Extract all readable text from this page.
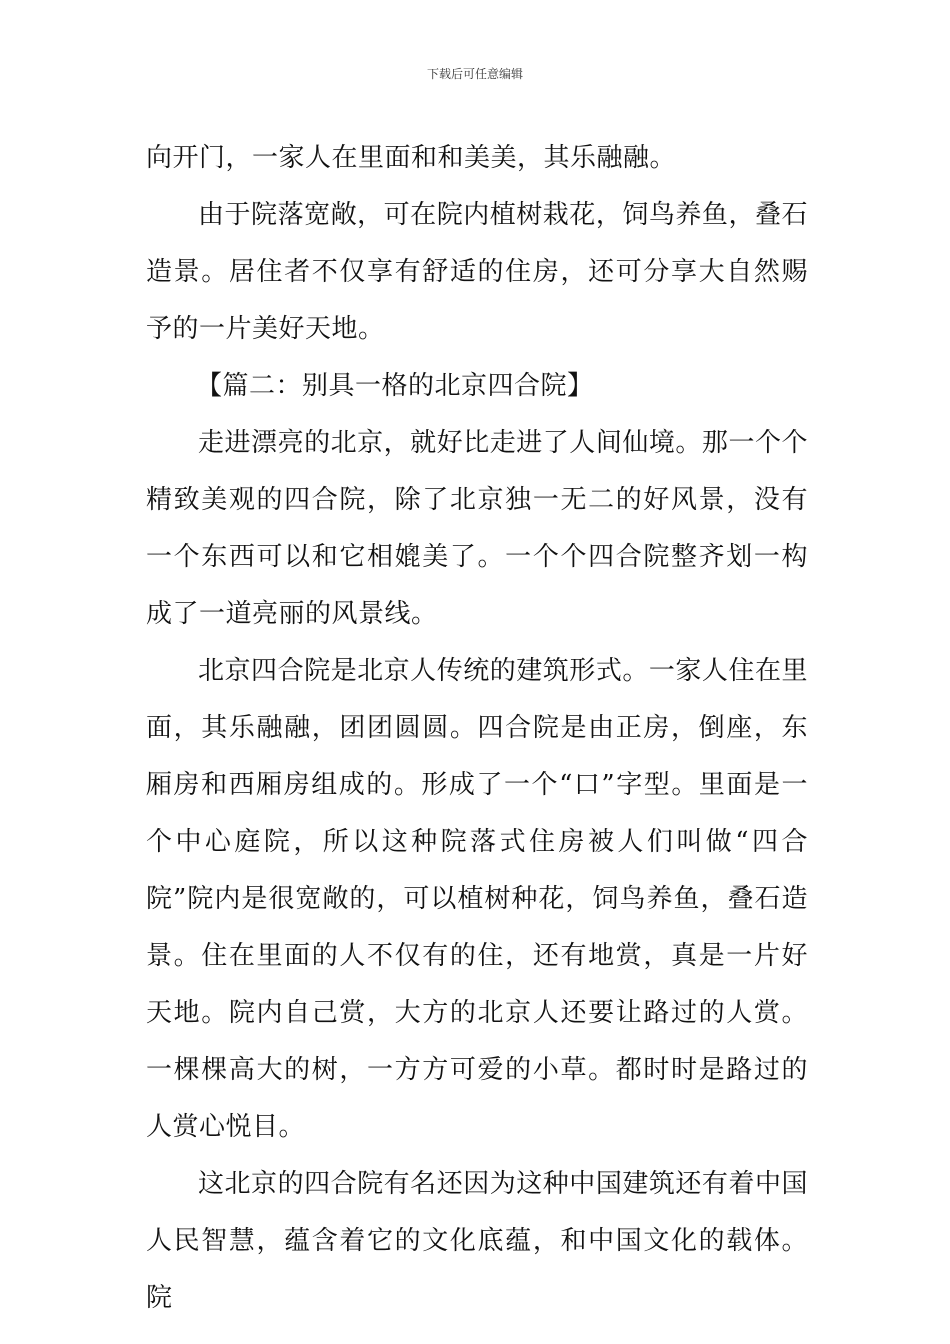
下载后可任意编辑

向开门，一家人在里面和和美美，其乐融融。

由于院落宽敞，可在院内植树栽花，饲鸟养鱼，叠石造景。居住者不仅享有舒适的住房，还可分享大自然赐予的一片美好天地。

【篇二：别具一格的北京四合院】

走进漂亮的北京，就好比走进了人间仙境。那一个个精致美观的四合院，除了北京独一无二的好风景，没有一个东西可以和它相媲美了。一个个四合院整齐划一构成了一道亮丽的风景线。

北京四合院是北京人传统的建筑形式。一家人住在里面，其乐融融，团团圆圆。四合院是由正房，倒座，东厢房和西厢房组成的。形成了一个“口”字型。里面是一个中心庭院，所以这种院落式住房被人们叫做“四合院”院内是很宽敞的，可以植树种花，饲鸟养鱼，叠石造景。住在里面的人不仅有的住，还有地赏，真是一片好天地。院内自己赏，大方的北京人还要让路过的人赏。一棵棵高大的树，一方方可爱的小草。都时时是路过的人赏心悦目。

这北京的四合院有名还因为这种中国建筑还有着中国人民智慧，蕴含着它的文化底蕴，和中国文化的载体。院
